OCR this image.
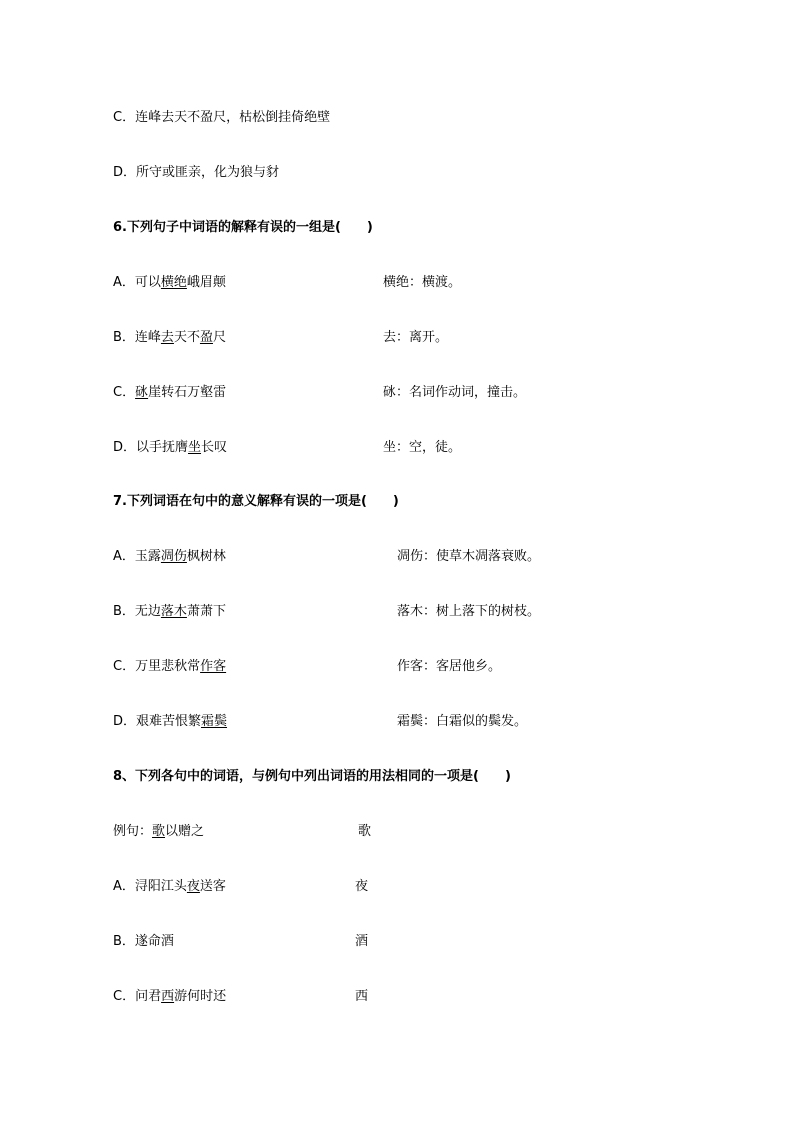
C．连峰去天不盈尺，枯松倒挂倚绝壁
D．所守或匪亲，化为狼与豺
6.下列句子中词语的解释有误的一组是(　　)
A．可以横绝峨眉颠	横绝：横渡。
B．连峰去天不盈尺	去：离开。
C．砯崖转石万壑雷	砯：名词作动词，撞击。
D．以手抚膺坐长叹	坐：空，徒。
7.下列词语在句中的意义解释有误的一项是(　　)
A．玉露凋伤枫树林	凋伤：使草木凋落衰败。
B．无边落木萧萧下	落木：树上落下的树枝。
C．万里悲秋常作客	作客：客居他乡。
D．艰难苦恨繁霜鬓	霜鬓：白霜似的鬓发。
8、下列各句中的词语，与例句中列出词语的用法相同的一项是(　　)
例句：歌以赠之	歌
A．浔阳江头夜送客	夜
B．遂命酒	酒
C．问君西游何时还	西
